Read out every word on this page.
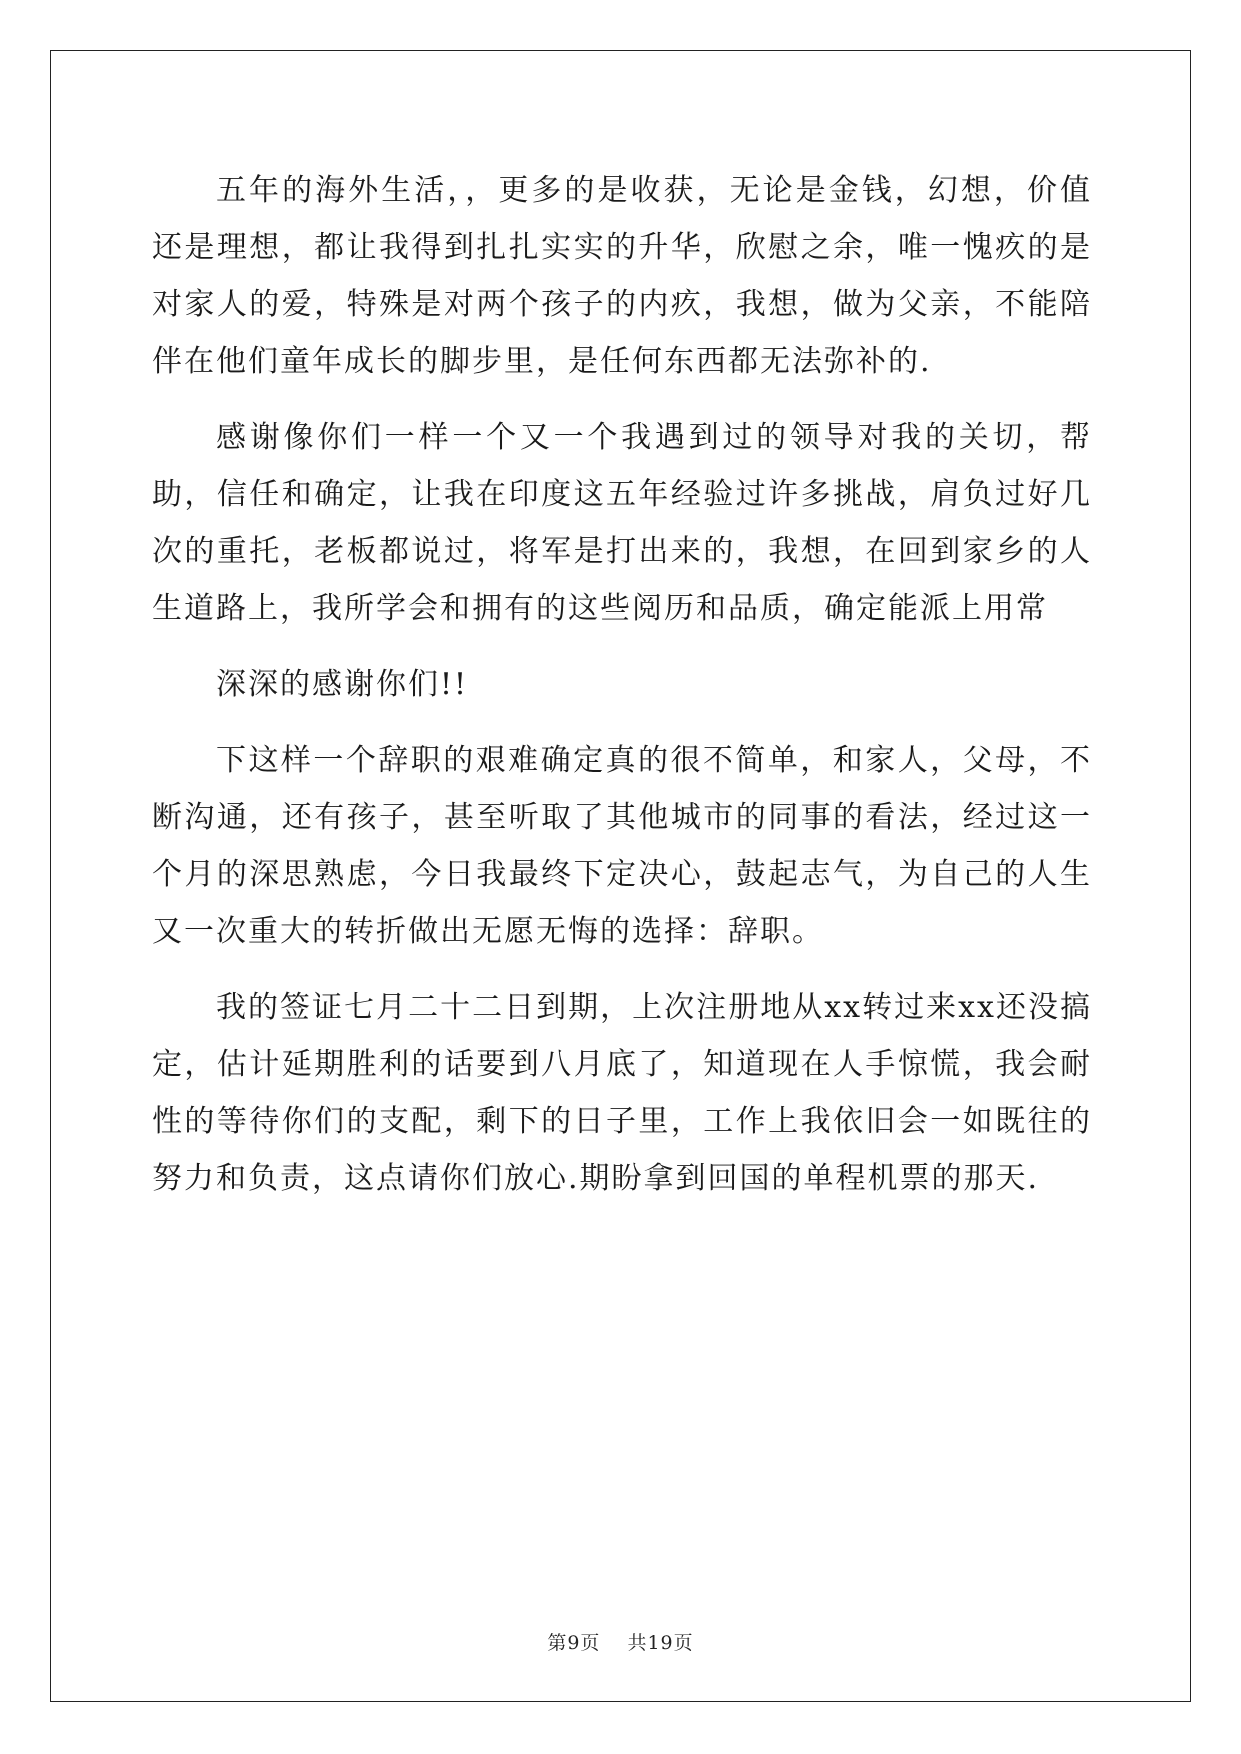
五年的海外生活，，更多的是收获，无论是金钱，幻想，价值还是理想，都让我得到扎扎实实的升华，欣慰之余，唯一愧疚的是对家人的爱，特殊是对两个孩子的内疚，我想，做为父亲，不能陪伴在他们童年成长的脚步里，是任何东西都无法弥补的.

感谢像你们一样一个又一个我遇到过的领导对我的关切，帮助，信任和确定，让我在印度这五年经验过许多挑战，肩负过好几次的重托，老板都说过，将军是打出来的，我想，在回到家乡的人生道路上，我所学会和拥有的这些阅历和品质，确定能派上用常

深深的感谢你们!!

下这样一个辞职的艰难确定真的很不简单，和家人，父母，不断沟通，还有孩子，甚至听取了其他城市的同事的看法，经过这一个月的深思熟虑，今日我最终下定决心，鼓起志气，为自己的人生又一次重大的转折做出无愿无悔的选择：辞职。

我的签证七月二十二日到期，上次注册地从xx转过来xx还没搞定，估计延期胜利的话要到八月底了，知道现在人手惊慌，我会耐性的等待你们的支配，剩下的日子里，工作上我依旧会一如既往的努力和负责，这点请你们放心.期盼拿到回国的单程机票的那天.

第9页 共19页
